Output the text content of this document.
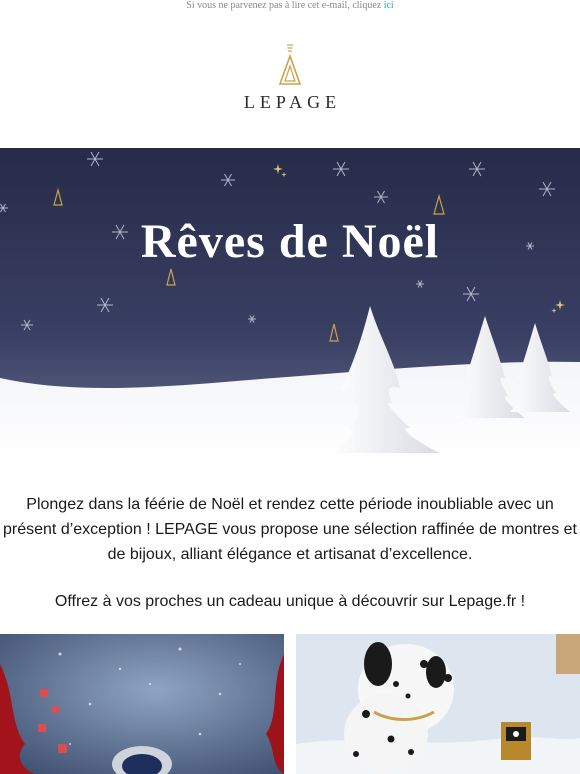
Si vous ne parvenez pas à lire cet e-mail, cliquez ici
LEPAGE
Rêves de Noël

Plongez dans la féérie de Noël et rendez cette période inoubliable avec un présent d’exception ! LEPAGE vous propose une sélection raffinée de montres et de bijoux, alliant élégance et artisanat d’excellence.

Offrez à vos proches un cadeau unique à découvrir sur Lepage.fr !
